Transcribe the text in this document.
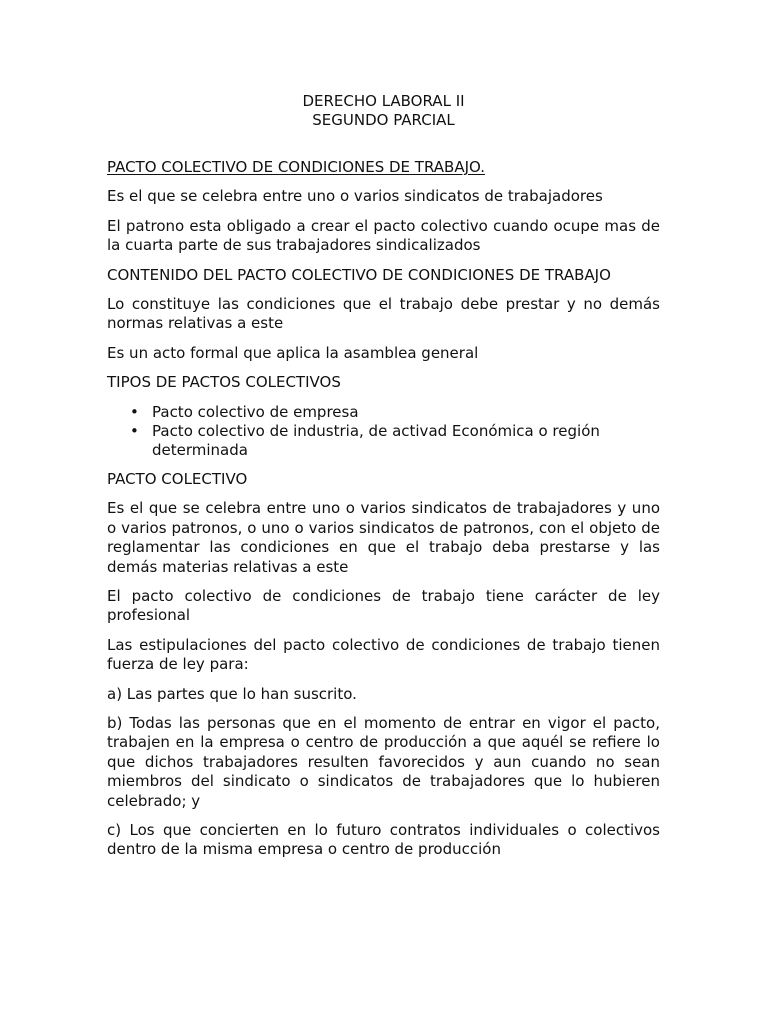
DERECHO LABORAL II
SEGUNDO PARCIAL

PACTO COLECTIVO DE CONDICIONES DE TRABAJO.

Es el que se celebra entre uno o varios sindicatos de trabajadores

El patrono esta obligado a crear el pacto colectivo cuando ocupe mas de la cuarta parte de sus trabajadores sindicalizados

CONTENIDO DEL PACTO COLECTIVO DE CONDICIONES DE TRABAJO

Lo constituye las condiciones que el trabajo debe prestar y no demás normas relativas a este

Es un acto formal que aplica la asamblea general

TIPOS DE PACTOS COLECTIVOS

• Pacto colectivo de empresa
• Pacto colectivo de industria, de activad Económica o región determinada

PACTO COLECTIVO

Es el que se celebra entre uno o varios sindicatos de trabajadores y uno o varios patronos, o uno o varios sindicatos de patronos, con el objeto de reglamentar las condiciones en que el trabajo deba prestarse y las demás materias relativas a este

El pacto colectivo de condiciones de trabajo tiene carácter de ley profesional

Las estipulaciones del pacto colectivo de condiciones de trabajo tienen fuerza de ley para:

a) Las partes que lo han suscrito.

b) Todas las personas que en el momento de entrar en vigor el pacto, trabajen en la empresa o centro de producción a que aquél se refiere lo que dichos trabajadores resulten favorecidos y aun cuando no sean miembros del sindicato o sindicatos de trabajadores que lo hubieren celebrado; y

c) Los que concierten en lo futuro contratos individuales o colectivos dentro de la misma empresa o centro de producción
